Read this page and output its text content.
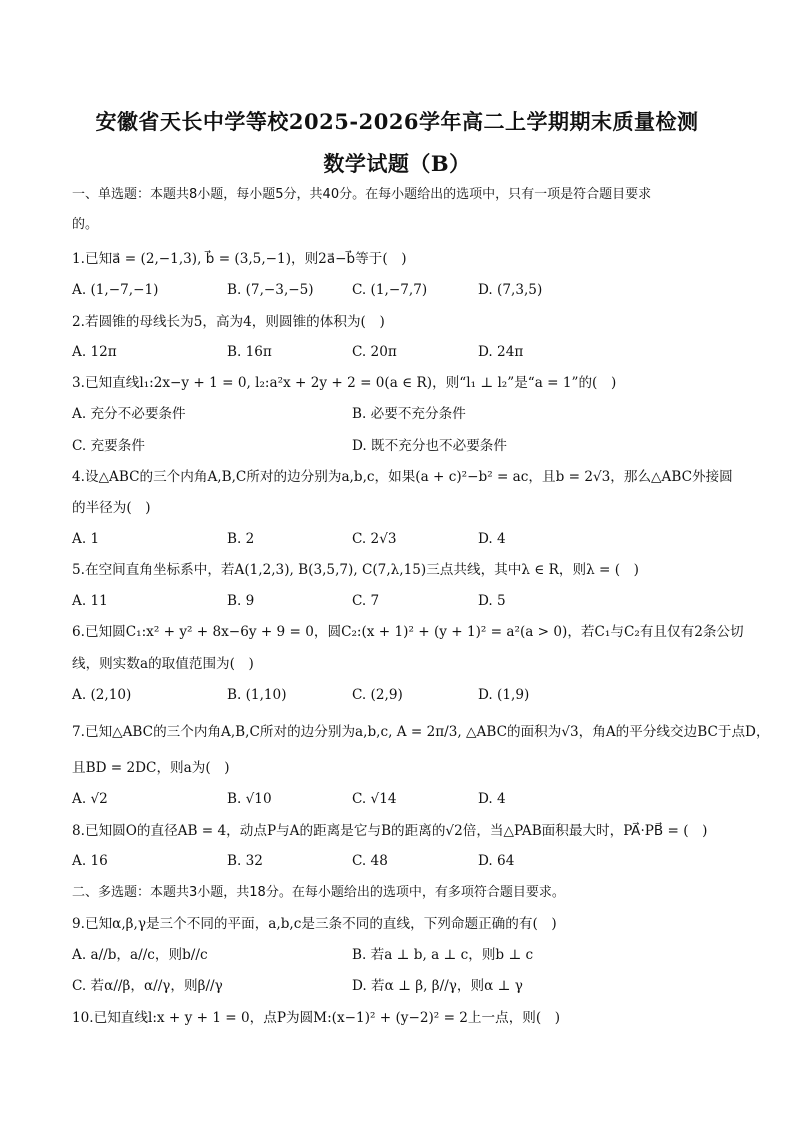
安徽省天长中学等校2025-2026学年高二上学期期末质量检测
数学试题（B）
一、单选题：本题共8小题，每小题5分，共40分。在每小题给出的选项中，只有一项是符合题目要求
的。
1.已知a⃗ = (2,−1,3), b⃗ = (3,5,−1)，则2a⃗−b⃗等于(　)
A. (1,−7,−1)	B. (7,−3,−5)	C. (1,−7,7)	D. (7,3,5)
2.若圆锥的母线长为5，高为4，则圆锥的体积为(　)
A. 12π	B. 16π	C. 20π	D. 24π
3.已知直线l₁:2x−y + 1 = 0, l₂:a²x + 2y + 2 = 0(a ∈ R)，则“l₁ ⊥ l₂”是“a = 1”的(　)
A. 充分不必要条件	B. 必要不充分条件
C. 充要条件	D. 既不充分也不必要条件
4.设△ABC的三个内角A,B,C所对的边分别为a,b,c，如果(a + c)²−b² = ac，且b = 2√3，那么△ABC外接圆
的半径为(　)
A. 1	B. 2	C. 2√3	D. 4
5.在空间直角坐标系中，若A(1,2,3), B(3,5,7), C(7,λ,15)三点共线，其中λ ∈ R，则λ = (　)
A. 11	B. 9	C. 7	D. 5
6.已知圆C₁:x² + y² + 8x−6y + 9 = 0，圆C₂:(x + 1)² + (y + 1)² = a²(a > 0)，若C₁与C₂有且仅有2条公切
线，则实数a的取值范围为(　)
A. (2,10)	B. (1,10)	C. (2,9)	D. (1,9)
7.已知△ABC的三个内角A,B,C所对的边分别为a,b,c, A = 2π/3, △ABC的面积为√3，角A的平分线交边BC于点D，
且BD = 2DC，则a为(　)
A. √2	B. √10	C. √14	D. 4
8.已知圆O的直径AB = 4，动点P与A的距离是它与B的距离的√2倍，当△PAB面积最大时，PA⃗·PB⃗ = (　)
A. 16	B. 32	C. 48	D. 64
二、多选题：本题共3小题，共18分。在每小题给出的选项中，有多项符合题目要求。
9.已知α,β,γ是三个不同的平面，a,b,c是三条不同的直线，下列命题正确的有(　)
A. a//b，a//c，则b//c	B. 若a ⊥ b, a ⊥ c，则b ⊥ c
C. 若α//β，α//γ，则β//γ	D. 若α ⊥ β, β//γ，则α ⊥ γ
10.已知直线l:x + y + 1 = 0，点P为圆M:(x−1)² + (y−2)² = 2上一点，则(　)
